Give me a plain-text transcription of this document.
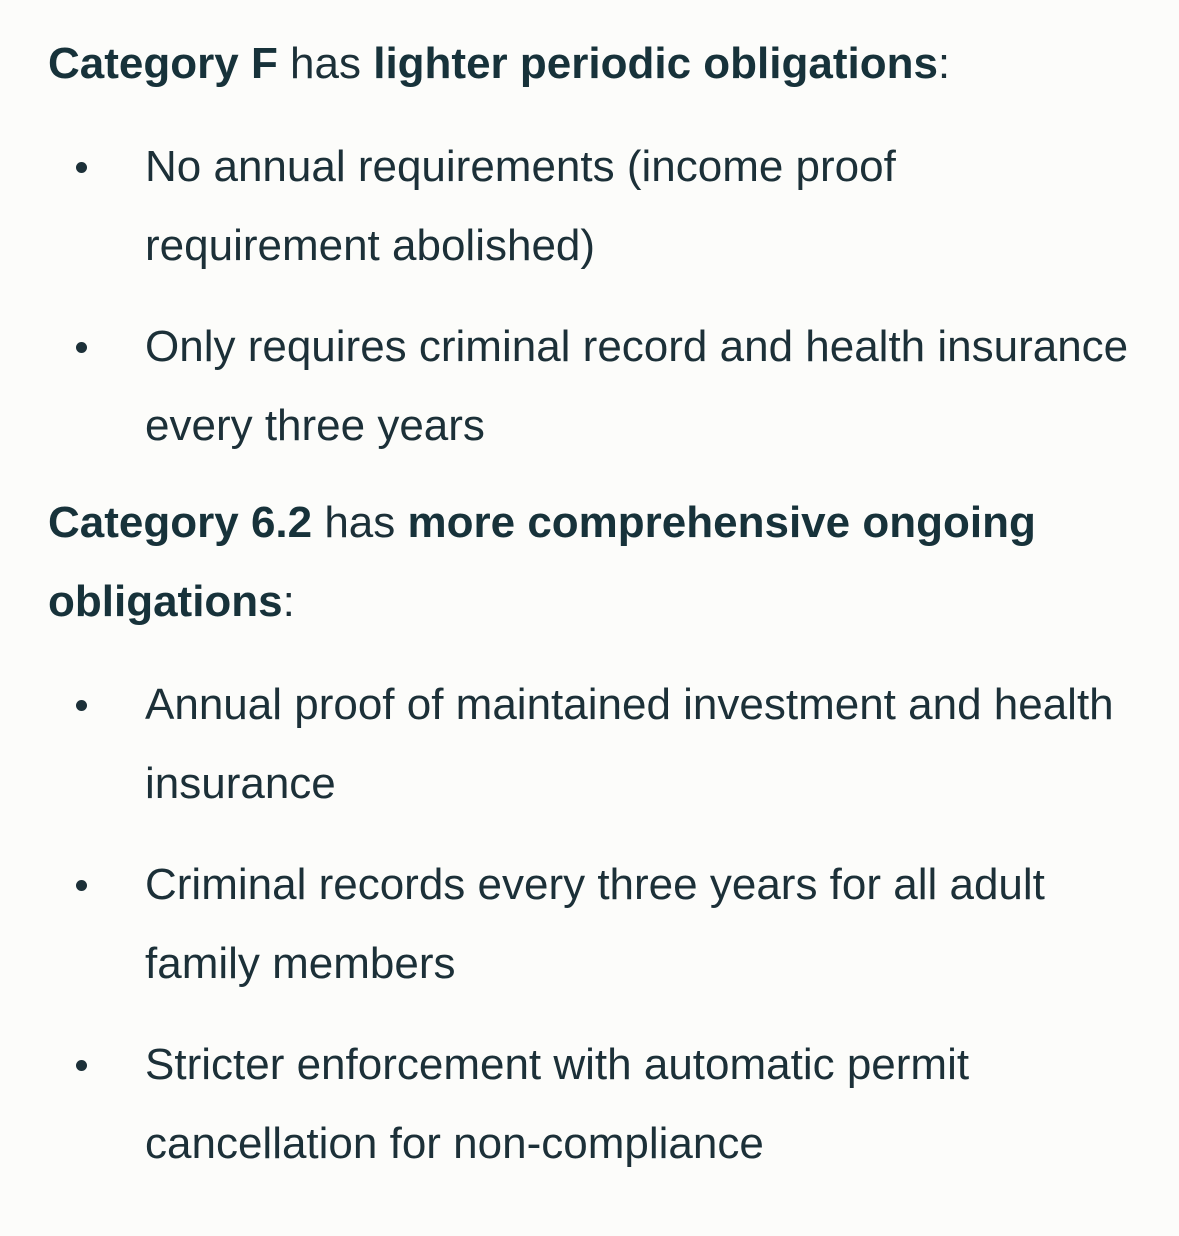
Category F has lighter periodic obligations:

No annual requirements (income proof requirement abolished)
Only requires criminal record and health insurance every three years

Category 6.2 has more comprehensive ongoing obligations:

Annual proof of maintained investment and health insurance
Criminal records every three years for all adult family members
Stricter enforcement with automatic permit cancellation for non-compliance
